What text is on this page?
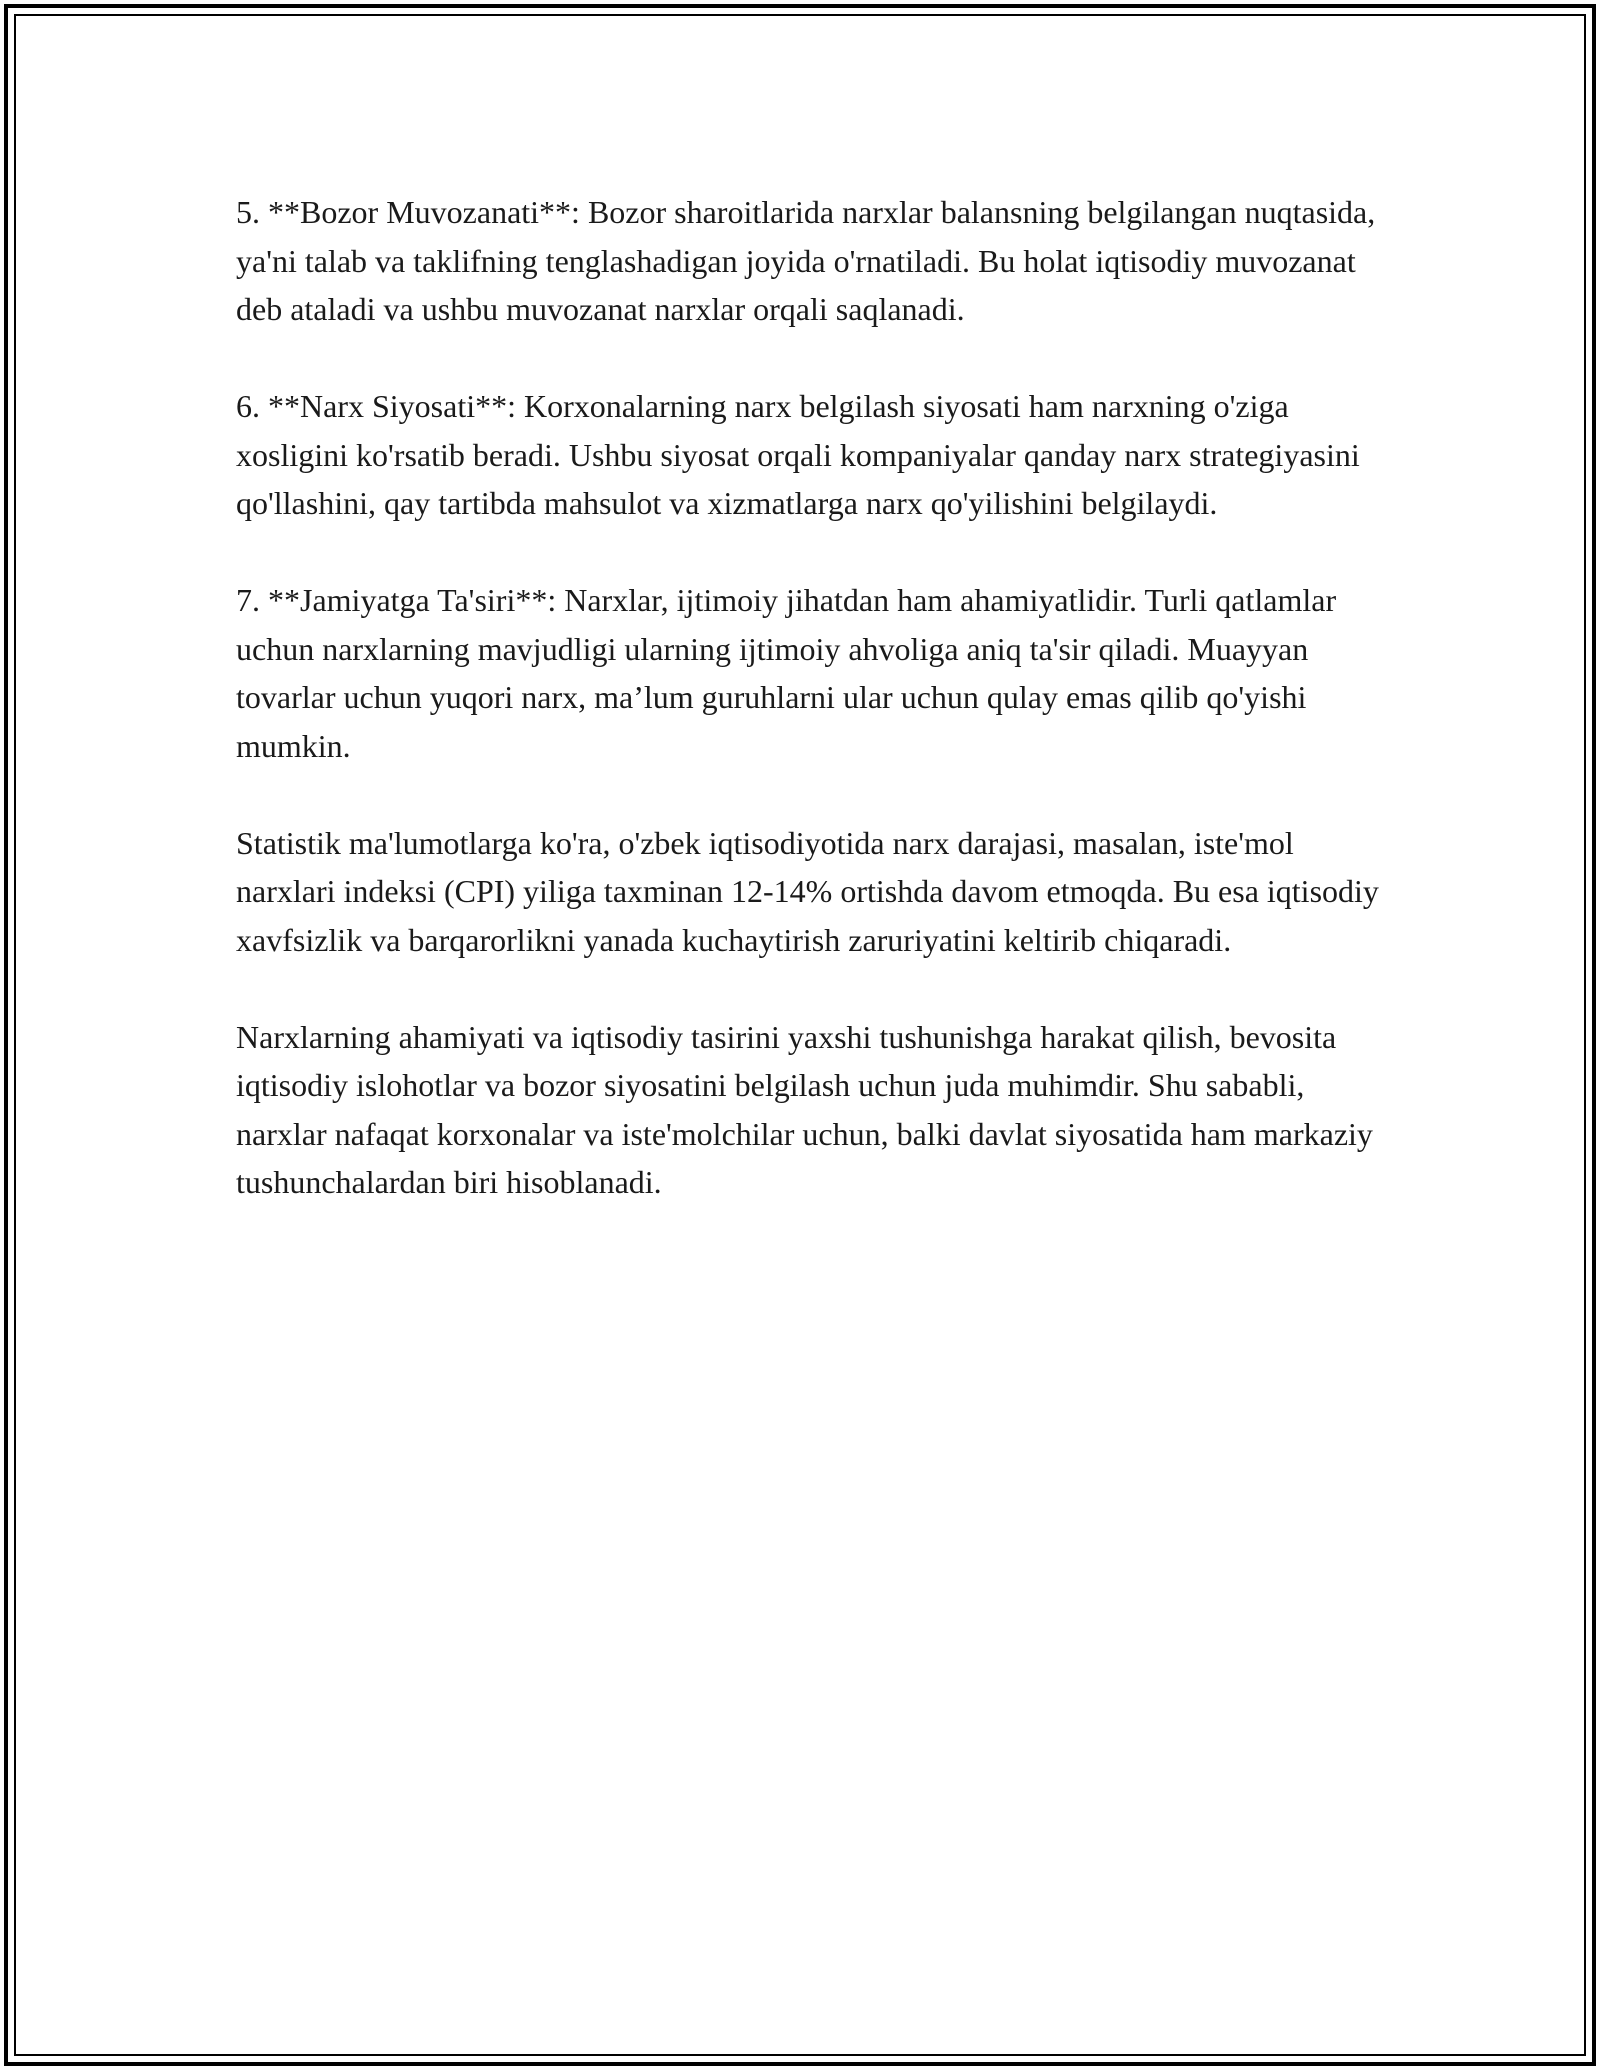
5. **Bozor Muvozanati**: Bozor sharoitlarida narxlar balansning belgilangan nuqtasida, ya'ni talab va taklifning tenglashadigan joyida o'rnatiladi. Bu holat iqtisodiy muvozanat deb ataladi va ushbu muvozanat narxlar orqali saqlanadi.

6. **Narx Siyosati**: Korxonalarning narx belgilash siyosati ham narxning o'ziga xosligini ko'rsatib beradi. Ushbu siyosat orqali kompaniyalar qanday narx strategiyasini qo'llashini, qay tartibda mahsulot va xizmatlarga narx qo'yilishini belgilaydi.

7. **Jamiyatga Ta'siri**: Narxlar, ijtimoiy jihatdan ham ahamiyatlidir. Turli qatlamlar uchun narxlarning mavjudligi ularning ijtimoiy ahvoliga aniq ta'sir qiladi. Muayyan tovarlar uchun yuqori narx, ma’lum guruhlarni ular uchun qulay emas qilib qo'yishi mumkin.

Statistik ma'lumotlarga ko'ra, o'zbek iqtisodiyotida narx darajasi, masalan, iste'mol narxlari indeksi (CPI) yiliga taxminan 12-14% ortishda davom etmoqda. Bu esa iqtisodiy xavfsizlik va barqarorlikni yanada kuchaytirish zaruriyatini keltirib chiqaradi.

Narxlarning ahamiyati va iqtisodiy tasirini yaxshi tushunishga harakat qilish, bevosita iqtisodiy islohotlar va bozor siyosatini belgilash uchun juda muhimdir. Shu sababli, narxlar nafaqat korxonalar va iste'molchilar uchun, balki davlat siyosatida ham markaziy tushunchalardan biri hisoblanadi.
